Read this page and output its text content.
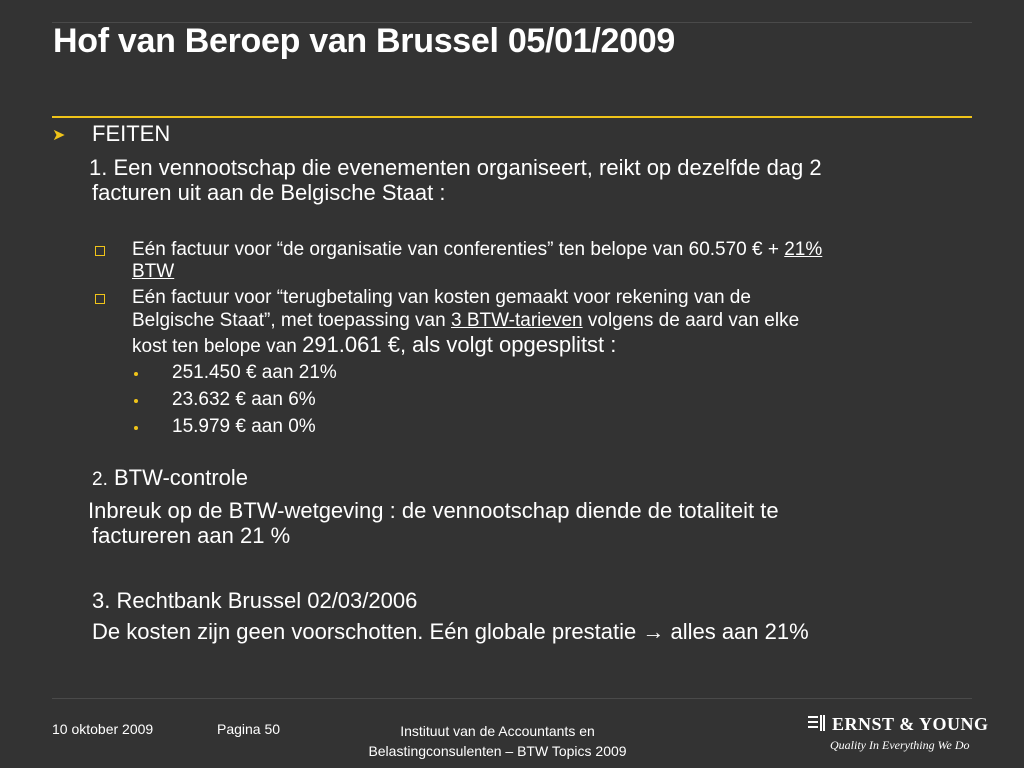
Hof van Beroep van Brussel 05/01/2009
➤ FEITEN
1. Een vennootschap die evenementen organiseert, reikt op dezelfde dag 2
facturen uit aan de Belgische Staat :
Eén factuur voor “de organisatie van conferenties” ten belope van 60.570 € + 21%
BTW
Eén factuur voor “terugbetaling van kosten gemaakt voor rekening van de
Belgische Staat”, met toepassing van 3 BTW-tarieven volgens de aard van elke
kost ten belope van 291.061 €, als volgt opgesplitst :
251.450 € aan 21%
23.632 € aan 6%
15.979 € aan 0%
2. BTW-controle
Inbreuk op de BTW-wetgeving : de vennootschap diende de totaliteit te
factureren aan 21 %
3. Rechtbank Brussel 02/03/2006
De kosten zijn geen voorschotten. Eén globale prestatie → alles aan 21%
10 oktober 2009	Pagina 50	Instituut van de Accountants en
Belastingconsulenten – BTW Topics 2009
ERNST & YOUNG
Quality In Everything We Do
